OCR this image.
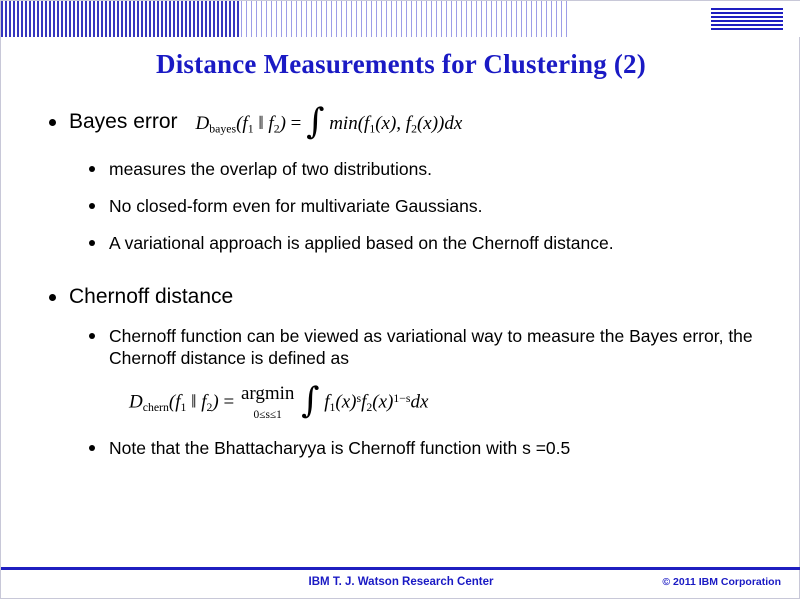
Distance Measurements for Clustering (2)
Bayes error $D_{bayes}(f_1$ ‖ $f_2$) = ∫ $\min(f_1(x)$, $f_2(x))dx$
measures the overlap of two distributions.
No closed-form even for multivariate Gaussians.
A variational approach is applied based on the Chernoff distance.
Chernoff distance
Chernoff function can be viewed as variational way to measure the Bayes error, the Chernoff distance is defined as
$D_{chern}(f_1$ ‖ $f_2) = argmin$
0≤s≤1 ∫ $f_1(x)^sf_2(x)^{1-s}dx$
Note that the Bhattacharyya is Chernoff function with s =0.5
IBM T. J. Watson Research Center	© 2011 IBM Corporation
